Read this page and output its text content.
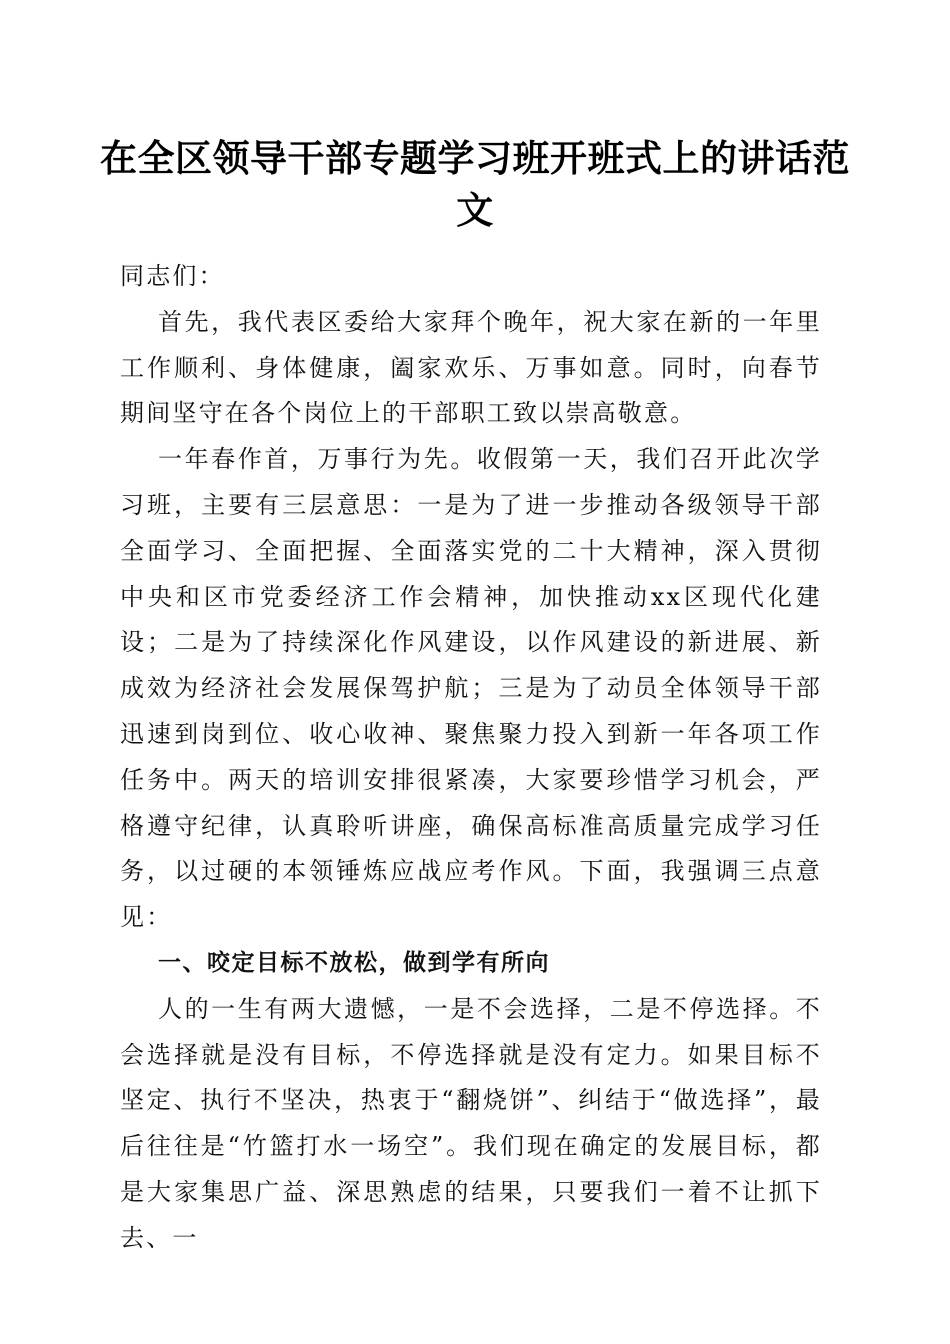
在全区领导干部专题学习班开班式上的讲话范文

同志们：

首先，我代表区委给大家拜个晚年，祝大家在新的一年里工作顺利、身体健康，阖家欢乐、万事如意。同时，向春节期间坚守在各个岗位上的干部职工致以崇高敬意。

一年春作首，万事行为先。收假第一天，我们召开此次学习班，主要有三层意思：一是为了进一步推动各级领导干部全面学习、全面把握、全面落实党的二十大精神，深入贯彻中央和区市党委经济工作会精神，加快推动xx区现代化建设；二是为了持续深化作风建设，以作风建设的新进展、新成效为经济社会发展保驾护航；三是为了动员全体领导干部迅速到岗到位、收心收神、聚焦聚力投入到新一年各项工作任务中。两天的培训安排很紧凑，大家要珍惜学习机会，严格遵守纪律，认真聆听讲座，确保高标准高质量完成学习任务，以过硬的本领锤炼应战应考作风。下面，我强调三点意见：

一、咬定目标不放松，做到学有所向

人的一生有两大遗憾，一是不会选择，二是不停选择。不会选择就是没有目标，不停选择就是没有定力。如果目标不坚定、执行不坚决，热衷于“翻烧饼”、纠结于“做选择”，最后往往是“竹篮打水一场空”。我们现在确定的发展目标，都是大家集思广益、深思熟虑的结果，只要我们一着不让抓下去、一
